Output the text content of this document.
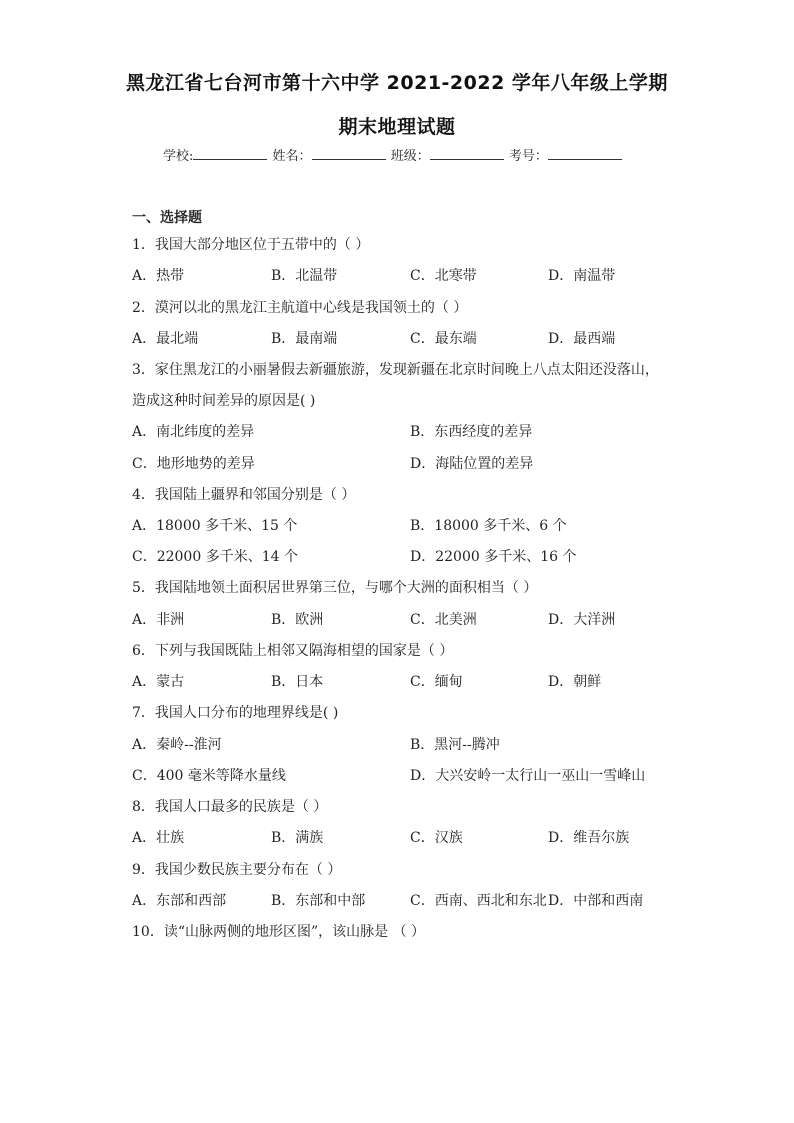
黑龙江省七台河市第十六中学 2021-2022 学年八年级上学期
期末地理试题
学校:	姓名：	班级：	考号：
一、选择题
1．我国大部分地区位于五带中的（ ）
A．热带	B．北温带	C．北寒带	D．南温带
2．漠河以北的黑龙江主航道中心线是我国领土的（ ）
A．最北端	B．最南端	C．最东端	D．最西端
3．家住黑龙江的小丽暑假去新疆旅游，发现新疆在北京时间晚上八点太阳还没落山，
造成这种时间差异的原因是( )
A．南北纬度的差异	B．东西经度的差异
C．地形地势的差异	D．海陆位置的差异
4．我国陆上疆界和邻国分别是（ ）
A．18000 多千米、15 个	B．18000 多千米、6 个
C．22000 多千米、14 个	D．22000 多千米、16 个
5．我国陆地领土面积居世界第三位，与哪个大洲的面积相当（ ）
A．非洲	B．欧洲	C．北美洲	D．大洋洲
6．下列与我国既陆上相邻又隔海相望的国家是（ ）
A．蒙古	B．日本	C．缅甸	D．朝鲜
7．我国人口分布的地理界线是( )
A．秦岭--淮河	B．黑河--腾冲
C．400 毫米等降水量线	D．大兴安岭一太行山一巫山一雪峰山
8．我国人口最多的民族是（ ）
A．壮族	B．满族	C．汉族	D．维吾尔族
9．我国少数民族主要分布在（ ）
A．东部和西部	B．东部和中部	C．西南、西北和东北 D．中部和西南
10．读“山脉两侧的地形区图”，该山脉是 （ ）
